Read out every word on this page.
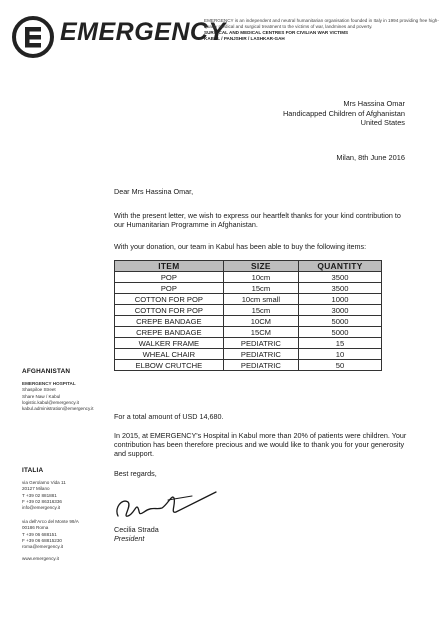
EMERGENCY
EMERGENCY is an independent and neutral humanitarian organisation founded in Italy in 1994 providing free high-quality medical and surgical treatment to the victims of war, landmines and poverty.
SURGICAL AND MEDICAL CENTRES FOR CIVILIAN WAR VICTIMS
KABUL / PANJSHIR / LASHKAR-GAH
Mrs Hassina Omar
Handicapped Children of Afghanistan
United States
Milan, 8th June 2016
Dear Mrs Hassina Omar,
With the present letter, we wish to express our heartfelt thanks for your kind contribution to our Humanitarian Programme in Afghanistan.
With your donation, our team in Kabul has been able to buy the following items:
ITEM	SIZE	QUANTITY
POP	10cm	3500
POP	15cm	3500
COTTON FOR POP	10cm small	1000
COTTON FOR POP	15cm	3000
CREPE BANDAGE	10CM	5000
CREPE BANDAGE	15CM	5000
WALKER FRAME	PEDIATRIC	15
WHEAL CHAIR	PEDIATRIC	10
ELBOW CRUTCHE	PEDIATRIC	50
For a total amount of USD 14,680.
In 2015, at EMERGENCY's Hospital in Kabul more than 20% of patients were children. Your contribution has been therefore precious and we would like to thank you for your generosity and support.
Best regards,
Cecilia Strada
President
AFGHANISTAN
EMERGENCY HOSPITAL
Shaspiloe Street
Share Naw / Kabul
logistic.kabul@emergency.it
kabul.administration@emergency.it
ITALIA
via Gerolamo Vida 11
20127 Milano
T +39 02 881881
F +39 02 86316336
info@emergency.it
via dell'Arco del Monte 99/A
00186 Roma
T +39 06 688151
F +39 06 68815230
roma@emergency.it
www.emergency.it
